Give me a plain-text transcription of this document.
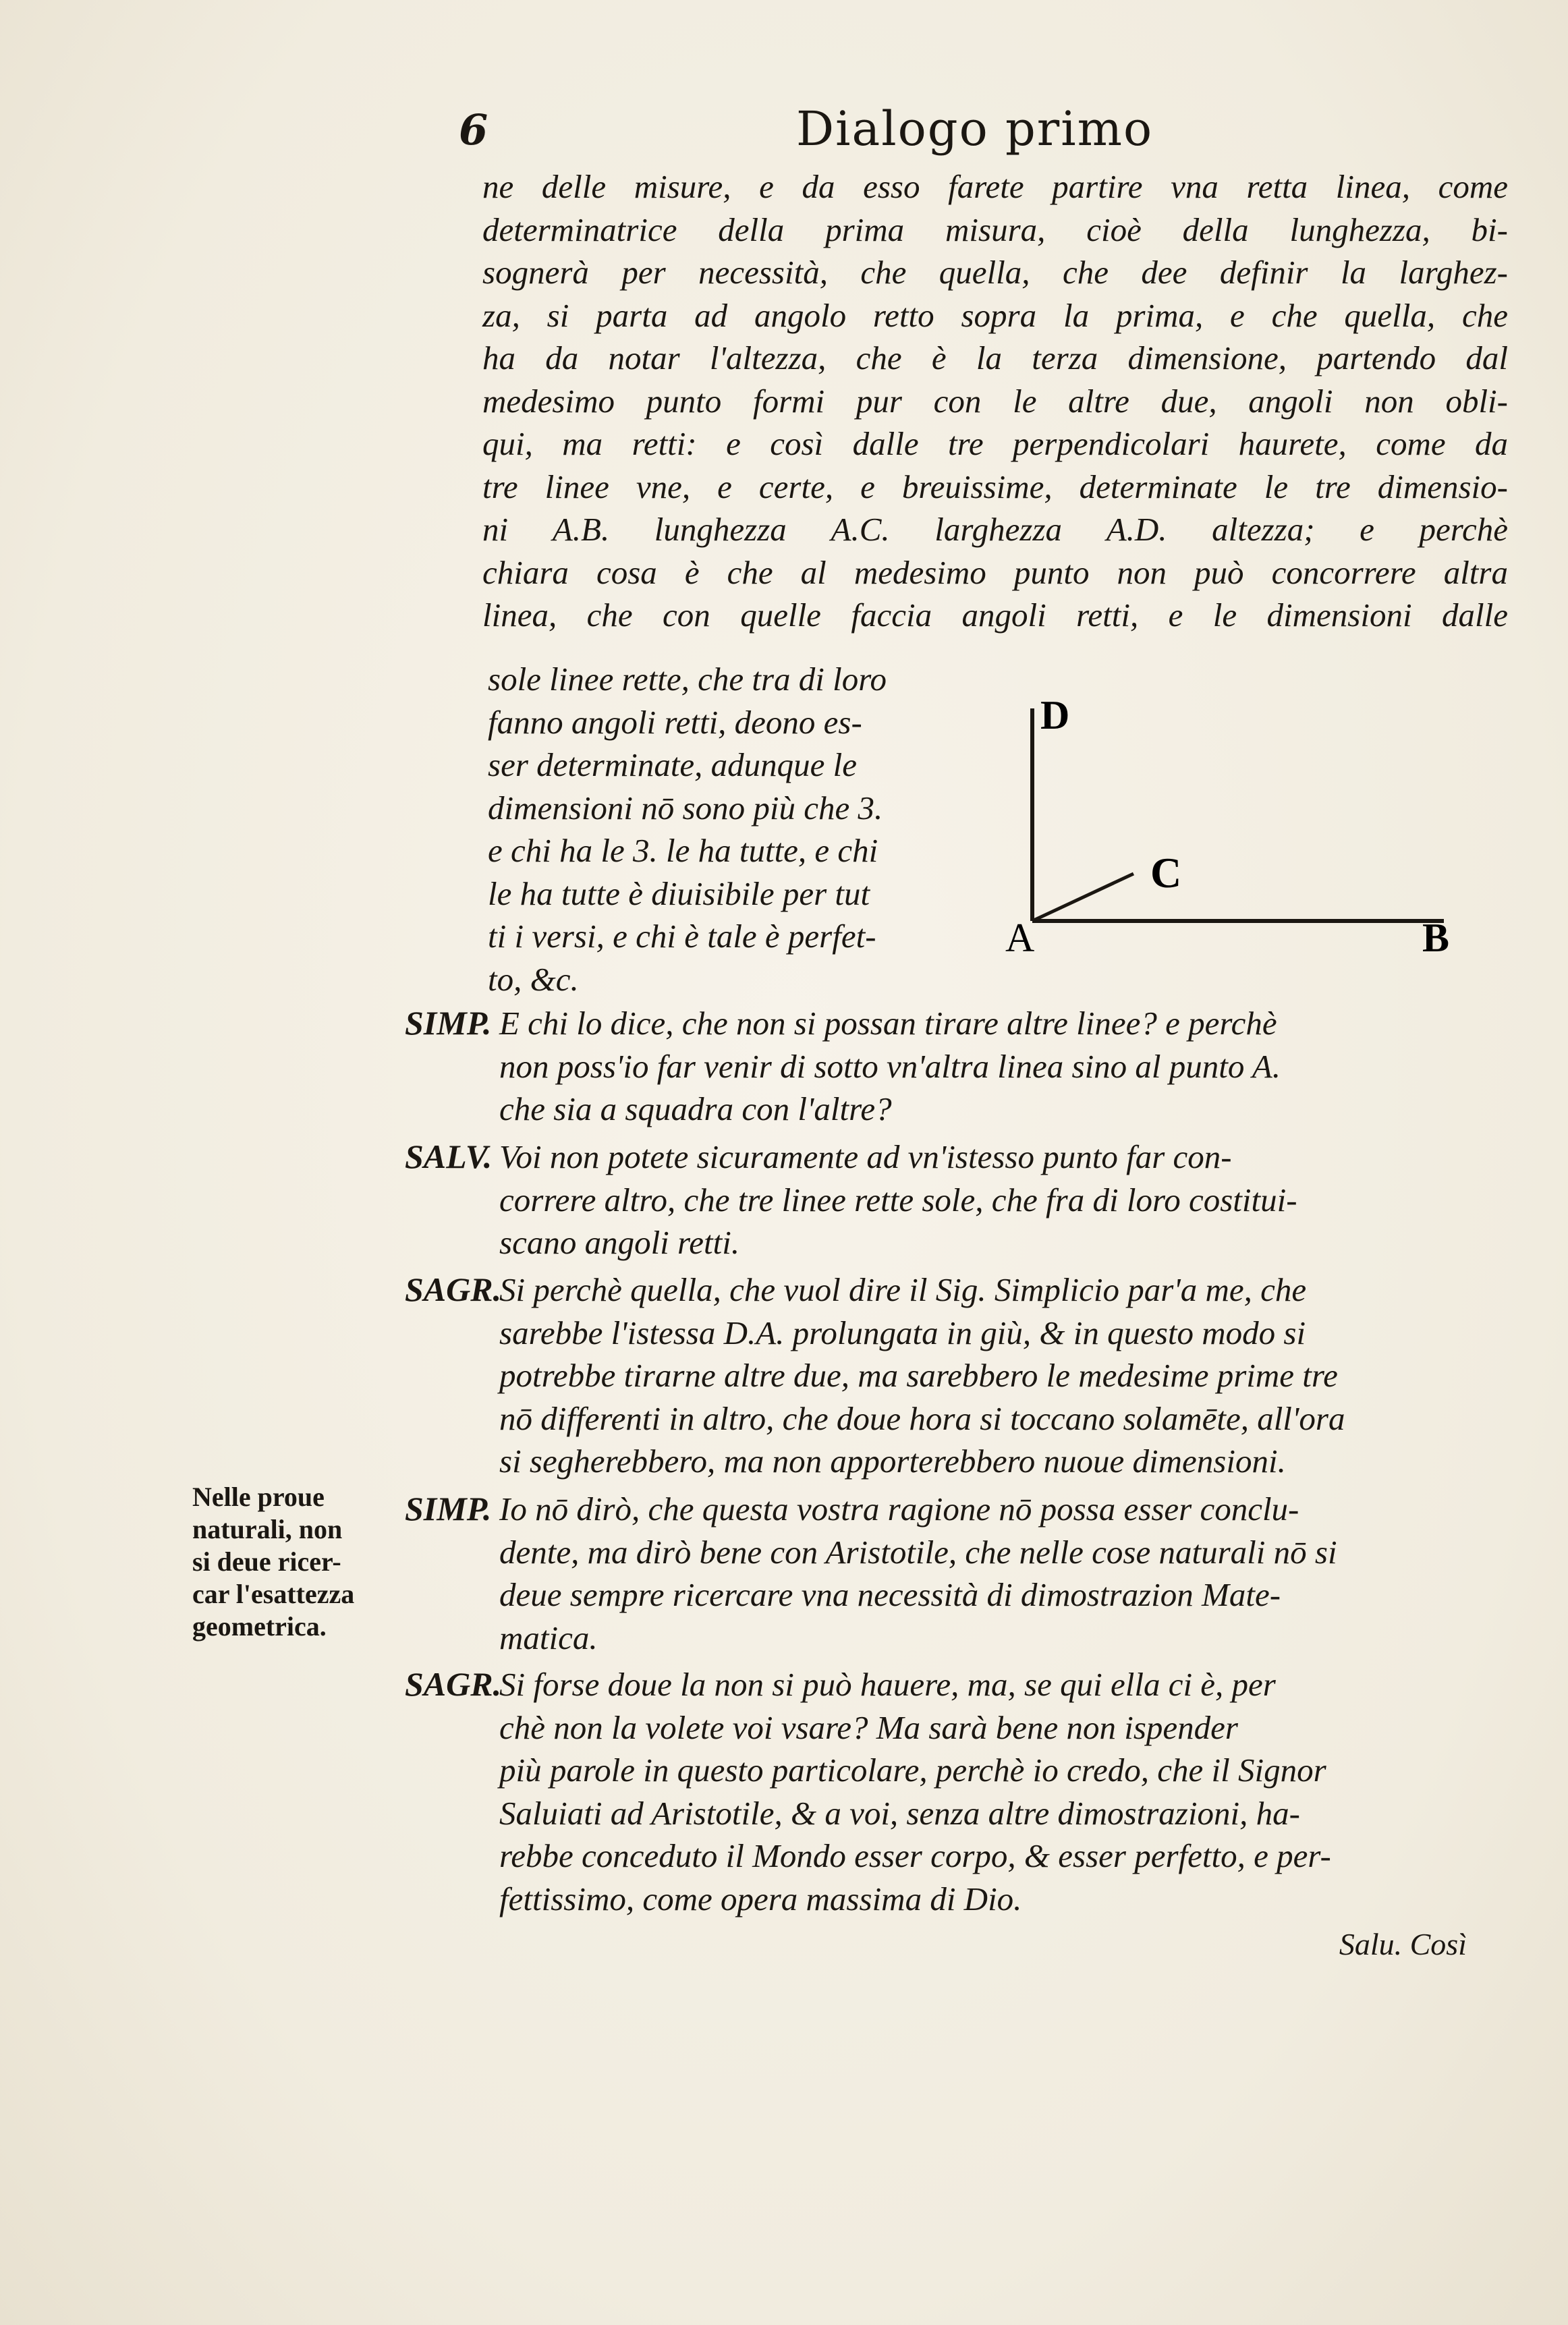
6	Dialogo primo

ne delle misure, e da esso farete partire vna retta linea, come

determinatrice della prima misura, cioè della lunghezza, bi-

sognerà per necessità, che quella, che dee definir la larghez-

za, si parta ad angolo retto sopra la prima, e che quella, che

ha da notar l'altezza, che è la terza dimensione, partendo dal

medesimo punto formi pur con le altre due, angoli non obli-

qui, ma retti: e così dalle tre perpendicolari haurete, come da

tre linee vne, e certe, e breuissime, determinate le tre dimensio-

ni A.B. lunghezza A.C. larghezza A.D. altezza; e perchè

chiara cosa è che al medesimo punto non può concorrere altra

linea, che con quelle faccia angoli retti, e le dimensioni dalle

sole linee rette, che tra di loro

fanno angoli retti, deono es-

ser determinate, adunque le

dimensioni nō sono più che 3.

e chi ha le 3. le ha tutte, e chi

le ha tutte è diuisibile per tut

ti i versi, e chi è tale è perfet-

to, &c.

A	B
C
D
SIMP. E chi lo dice, che non si possan tirare altre linee? e perchè

non poss'io far venir di sotto vn'altra linea sino al punto A.

che sia a squadra con l'altre?

SALV. Voi non potete sicuramente ad vn'istesso punto far con-

correre altro, che tre linee rette sole, che fra di loro costitui-

scano angoli retti.

SAGR.

Si perchè quella, che vuol dire il Sig. Simplicio par'a me, che

sarebbe l'istessa D.A. prolungata in giù, & in questo modo si

potrebbe tirarne altre due, ma sarebbero le medesime prime tre

nō differenti in altro, che doue hora si toccano solamēte, all'ora

si segherebbero, ma non apporterebbero nuoue dimensioni.

SIMP. Io nō dirò, che questa vostra ragione nō possa esser conclu-

dente, ma dirò bene con Aristotile, che nelle cose naturali nō si

deue sempre ricercare vna necessità di dimostrazion Mate-

matica.

SAGR.

Si forse doue la non si può hauere, ma, se qui ella ci è, per

chè non la volete voi vsare? Ma sarà bene non ispender

più parole in questo particolare, perchè io credo, che il Signor

Saluiati ad Aristotile, & a voi, senza altre dimostrazioni, ha-

rebbe conceduto il Mondo esser corpo, & esser perfetto, e per-

fettissimo, come opera massima di Dio.

Nelle proue
naturali, non
si deue ricer-
car l'esattezza
geometrica.
Salu. Così
